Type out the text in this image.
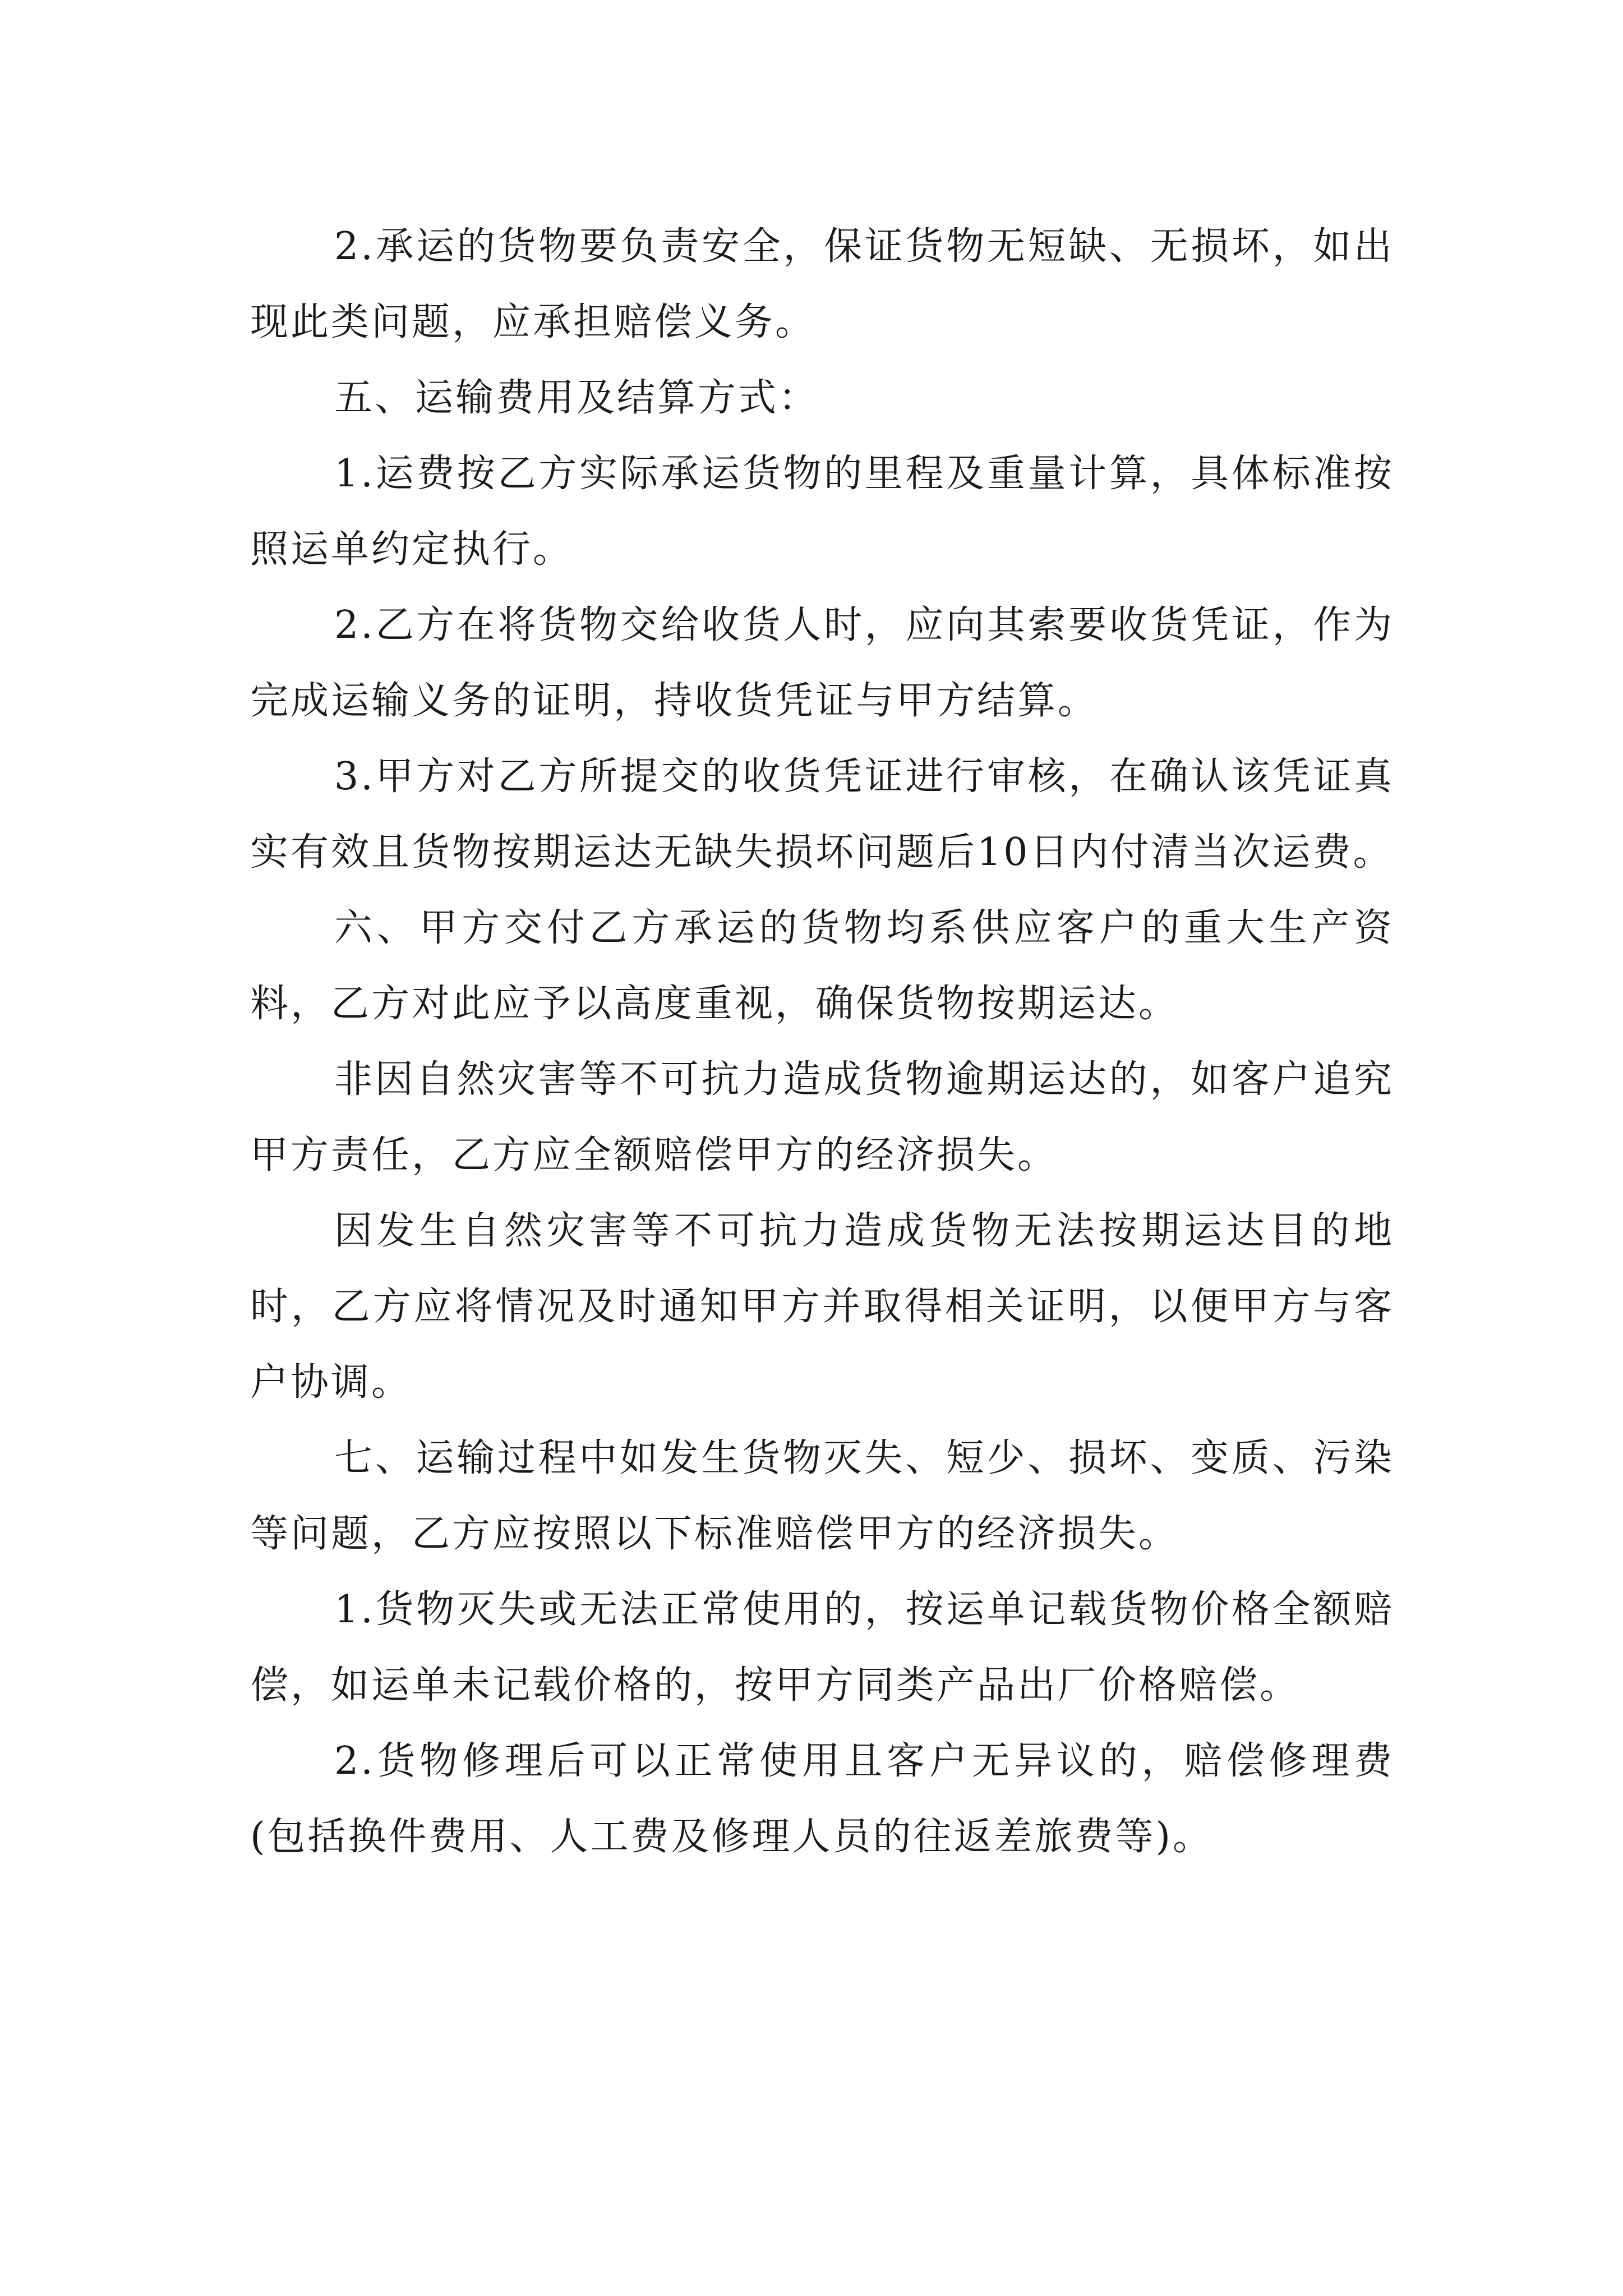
2.承运的货物要负责安全，保证货物无短缺、无损坏，如出现此类问题，应承担赔偿义务。

五、运输费用及结算方式：

1.运费按乙方实际承运货物的里程及重量计算，具体标准按照运单约定执行。

2.乙方在将货物交给收货人时，应向其索要收货凭证，作为完成运输义务的证明，持收货凭证与甲方结算。

3.甲方对乙方所提交的收货凭证进行审核，在确认该凭证真实有效且货物按期运达无缺失损坏问题后10日内付清当次运费。

六、甲方交付乙方承运的货物均系供应客户的重大生产资料，乙方对此应予以高度重视，确保货物按期运达。

非因自然灾害等不可抗力造成货物逾期运达的，如客户追究甲方责任，乙方应全额赔偿甲方的经济损失。

因发生自然灾害等不可抗力造成货物无法按期运达目的地时，乙方应将情况及时通知甲方并取得相关证明，以便甲方与客户协调。

七、运输过程中如发生货物灭失、短少、损坏、变质、污染等问题，乙方应按照以下标准赔偿甲方的经济损失。

1.货物灭失或无法正常使用的，按运单记载货物价格全额赔偿，如运单未记载价格的，按甲方同类产品出厂价格赔偿。

2.货物修理后可以正常使用且客户无异议的，赔偿修理费(包括换件费用、人工费及修理人员的往返差旅费等)。
